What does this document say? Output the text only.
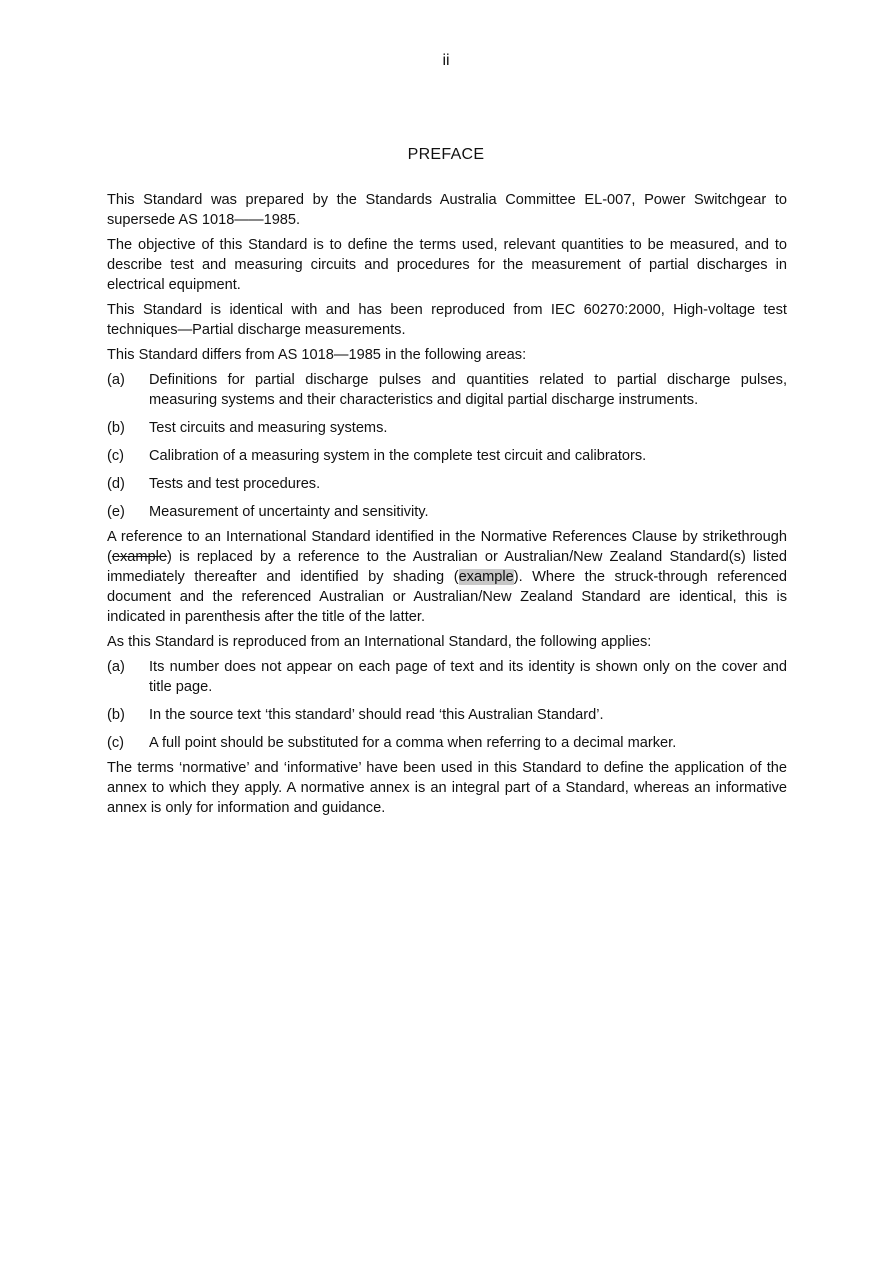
ii
PREFACE

This Standard was prepared by the Standards Australia Committee EL-007, Power Switchgear to supersede AS 1018——1985.

The objective of this Standard is to define the terms used, relevant quantities to be measured, and to describe test and measuring circuits and procedures for the measurement of partial discharges in electrical equipment.

This Standard is identical with and has been reproduced from IEC 60270:2000, High-voltage test techniques—Partial discharge measurements.

This Standard differs from AS 1018—1985 in the following areas:

(a)	Definitions for partial discharge pulses and quantities related to partial discharge pulses, measuring systems and their characteristics and digital partial discharge instruments.
(b)	Test circuits and measuring systems.
(c)	Calibration of a measuring system in the complete test circuit and calibrators.
(d)	Tests and test procedures.
(e)	Measurement of uncertainty and sensitivity.

A reference to an International Standard identified in the Normative References Clause by strikethrough (example) is replaced by a reference to the Australian or Australian/New Zealand Standard(s) listed immediately thereafter and identified by shading (example). Where the struck-through referenced document and the referenced Australian or Australian/New Zealand Standard are identical, this is indicated in parenthesis after the title of the latter.

As this Standard is reproduced from an International Standard, the following applies:

(a)	Its number does not appear on each page of text and its identity is shown only on the cover and title page.
(b)	In the source text ‘this standard’ should read ‘this Australian Standard’.
(c)	A full point should be substituted for a comma when referring to a decimal marker.

The terms ‘normative’ and ‘informative’ have been used in this Standard to define the application of the annex to which they apply. A normative annex is an integral part of a Standard, whereas an informative annex is only for information and guidance.
